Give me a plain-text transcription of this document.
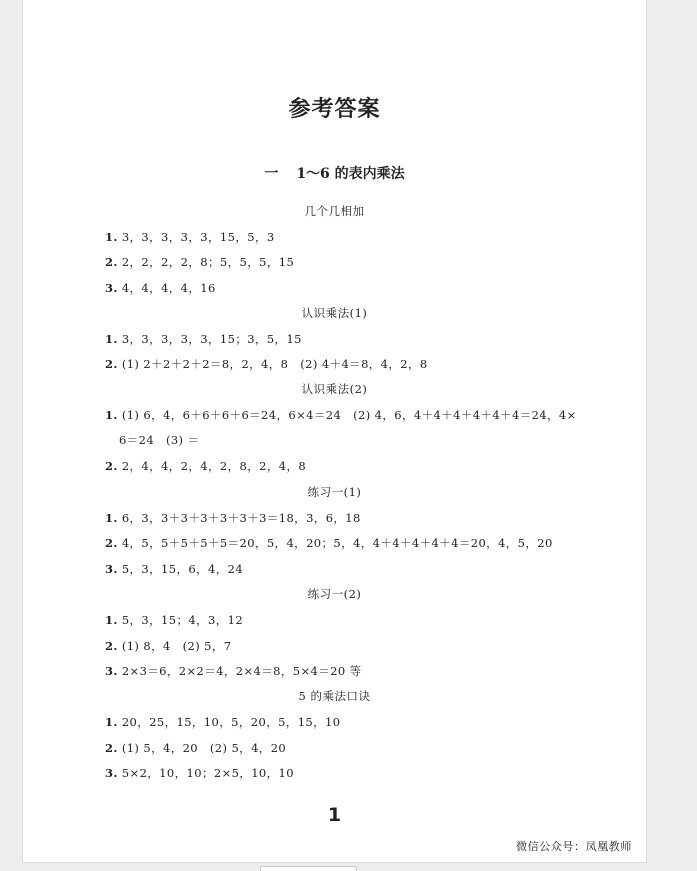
参考答案
一 1～6 的表内乘法
几个几相加
1. 3，3，3，3，3，15，5，3
2. 2，2，2，2，8；5，5，5，15
3. 4，4，4，4，16
认识乘法(1)
1. 3，3，3，3，3，15；3，5，15
2. (1) 2＋2＋2＋2＝8，2，4，8　(2) 4＋4＝8，4，2，8
认识乘法(2)
1. (1) 6，4，6＋6＋6＋6＝24，6×4＝24　(2) 4，6，4＋4＋4＋4＋4＋4＝24，4×
6＝24　(3) ＝
2. 2，4，4，2，4，2，8，2，4，8
练习一(1)
1. 6，3，3＋3＋3＋3＋3＋3＝18，3，6，18
2. 4，5，5＋5＋5＋5＝20，5，4，20；5，4，4＋4＋4＋4＋4＝20，4，5，20
3. 5，3，15，6，4，24
练习一(2)
1. 5，3，15；4，3，12
2. (1) 8，4　(2) 5，7
3. 2×3＝6，2×2＝4，2×4＝8，5×4＝20 等
5 的乘法口诀
1. 20，25，15，10，5，20，5，15，10
2. (1) 5，4，20　(2) 5，4，20
3. 5×2，10，10；2×5，10，10
1
微信公众号：凤凰教师
